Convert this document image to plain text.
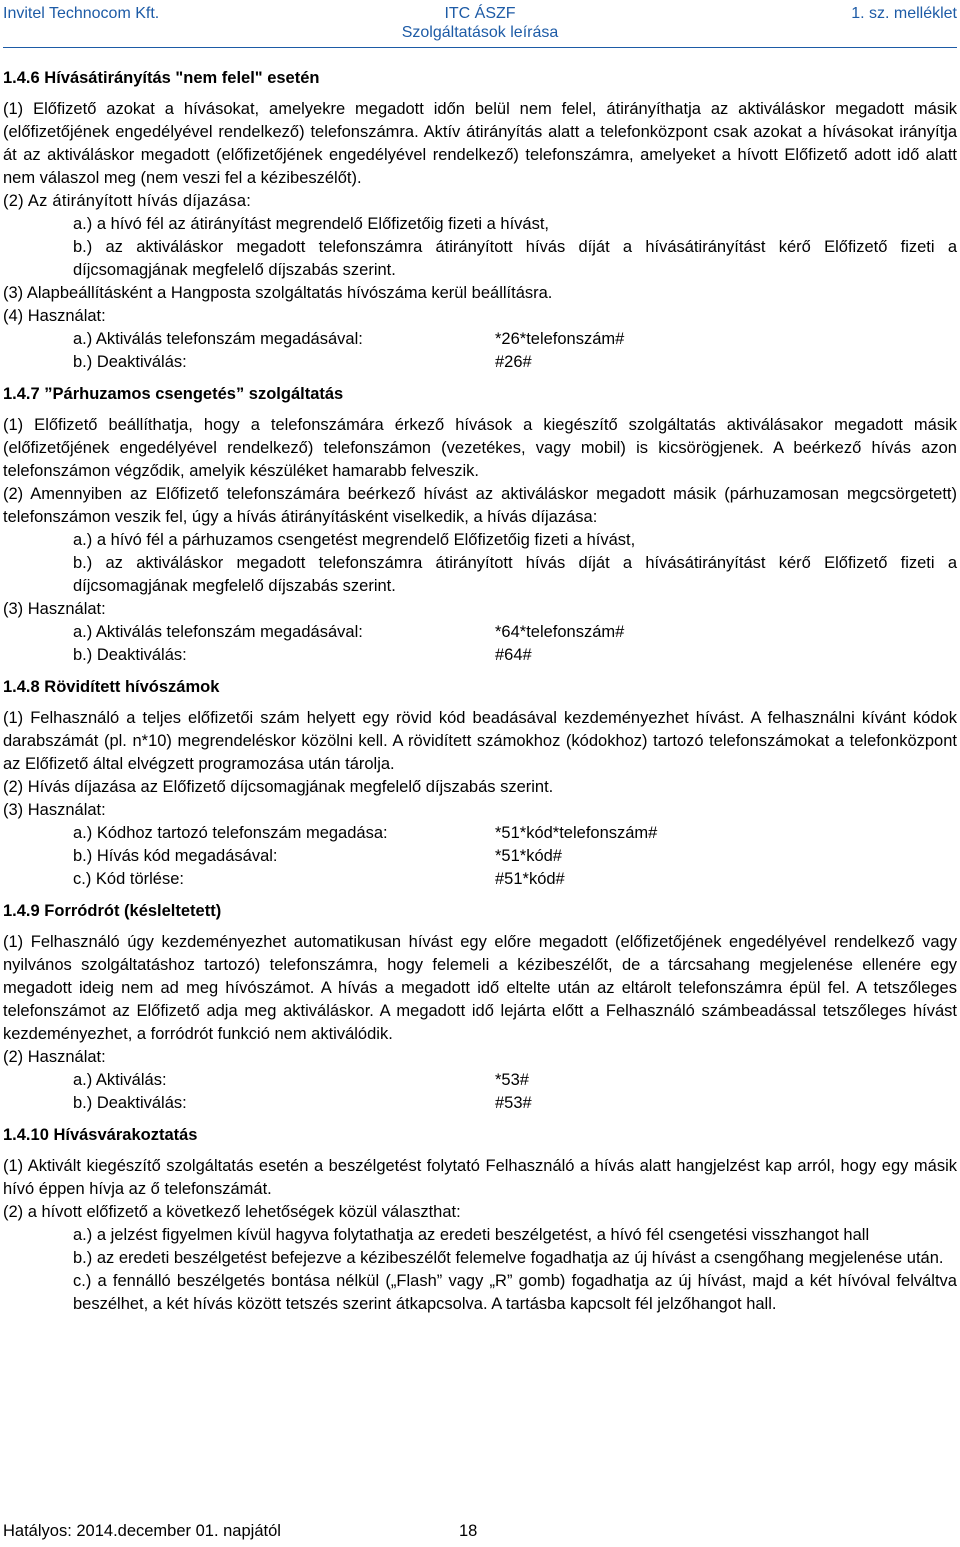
Invitel Technocom Kft.	ITC ÁSZF	1. sz. melléklet
Szolgáltatások leírása

1.4.6 Hívásátirányítás "nem felel" esetén

(1) Előfizető azokat a hívásokat, amelyekre megadott időn belül nem felel, átirányíthatja az aktiváláskor megadott másik (előfizetőjének engedélyével rendelkező) telefonszámra. Aktív átirányítás alatt a telefonközpont csak azokat a hívásokat irányítja át az aktiváláskor megadott (előfizetőjének engedélyével rendelkező) telefonszámra, amelyeket a hívott Előfizető adott idő alatt nem válaszol meg (nem veszi fel a kézibeszélőt).

(2) Az átirányított hívás díjazása:

a.) a hívó fél az átirányítást megrendelő Előfizetőig fizeti a hívást,

b.) az aktiváláskor megadott telefonszámra átirányított hívás díját a hívásátirányítást kérő Előfizető fizeti a díjcsomagjának megfelelő díjszabás szerint.

(3) Alapbeállításként a Hangposta szolgáltatás hívószáma kerül beállításra.

(4) Használat:

a.) Aktiválás telefonszám megadásával:	*26*telefonszám#
b.) Deaktiválás:	#26#

1.4.7 ”Párhuzamos csengetés” szolgáltatás

(1) Előfizető beállíthatja, hogy a telefonszámára érkező hívások a kiegészítő szolgáltatás aktiválásakor megadott másik (előfizetőjének engedélyével rendelkező) telefonszámon (vezetékes, vagy mobil) is kicsörögjenek. A beérkező hívás azon telefonszámon végződik, amelyik készüléket hamarabb felveszik.

(2) Amennyiben az Előfizető telefonszámára beérkező hívást az aktiváláskor megadott másik (párhuzamosan megcsörgetett) telefonszámon veszik fel, úgy a hívás átirányításként viselkedik, a hívás díjazása:

a.) a hívó fél a párhuzamos csengetést megrendelő Előfizetőig fizeti a hívást,

b.) az aktiváláskor megadott telefonszámra átirányított hívás díját a hívásátirányítást kérő Előfizető fizeti a díjcsomagjának megfelelő díjszabás szerint.

(3) Használat:

a.) Aktiválás telefonszám megadásával:	*64*telefonszám#
b.) Deaktiválás:	#64#

1.4.8 Rövidített hívószámok

(1) Felhasználó a teljes előfizetői szám helyett egy rövid kód beadásával kezdeményezhet hívást. A felhasználni kívánt kódok darabszámát (pl. n*10) megrendeléskor közölni kell. A rövidített számokhoz (kódokhoz) tartozó telefonszámokat a telefonközpont az Előfizető által elvégzett programozása után tárolja.

(2) Hívás díjazása az Előfizető díjcsomagjának megfelelő díjszabás szerint.

(3) Használat:

a.) Kódhoz tartozó telefonszám megadása:	*51*kód*telefonszám#
b.) Hívás kód megadásával:	*51*kód#
c.) Kód törlése:	#51*kód#

1.4.9 Forródrót (késleltetett)

(1) Felhasználó úgy kezdeményezhet automatikusan hívást egy előre megadott (előfizetőjének engedélyével rendelkező vagy nyilvános szolgáltatáshoz tartozó) telefonszámra, hogy felemeli a kézibeszélőt, de a tárcsahang megjelenése ellenére egy megadott ideig nem ad meg hívószámot. A hívás a megadott idő eltelte után az eltárolt telefonszámra épül fel. A tetszőleges telefonszámot az Előfizető adja meg aktiváláskor. A megadott idő lejárta előtt a Felhasználó számbeadással tetszőleges hívást kezdeményezhet, a forródrót funkció nem aktiválódik.

(2) Használat:

a.) Aktiválás:	*53#
b.) Deaktiválás:	#53#

1.4.10 Hívásvárakoztatás

(1) Aktivált kiegészítő szolgáltatás esetén a beszélgetést folytató Felhasználó a hívás alatt hangjelzést kap arról, hogy egy másik hívó éppen hívja az ő telefonszámát.

(2) a hívott előfizető a következő lehetőségek közül választhat:

a.) a jelzést figyelmen kívül hagyva folytathatja az eredeti beszélgetést, a hívó fél csengetési visszhangot hall

b.) az eredeti beszélgetést befejezve a kézibeszélőt felemelve fogadhatja az új hívást a csengőhang megjelenése után.

c.) a fennálló beszélgetés bontása nélkül („Flash” vagy „R” gomb) fogadhatja az új hívást, majd a két hívóval felváltva beszélhet, a két hívás között tetszés szerint átkapcsolva. A tartásba kapcsolt fél jelzőhangot hall.

Hatályos: 2014.december 01. napjától	18
